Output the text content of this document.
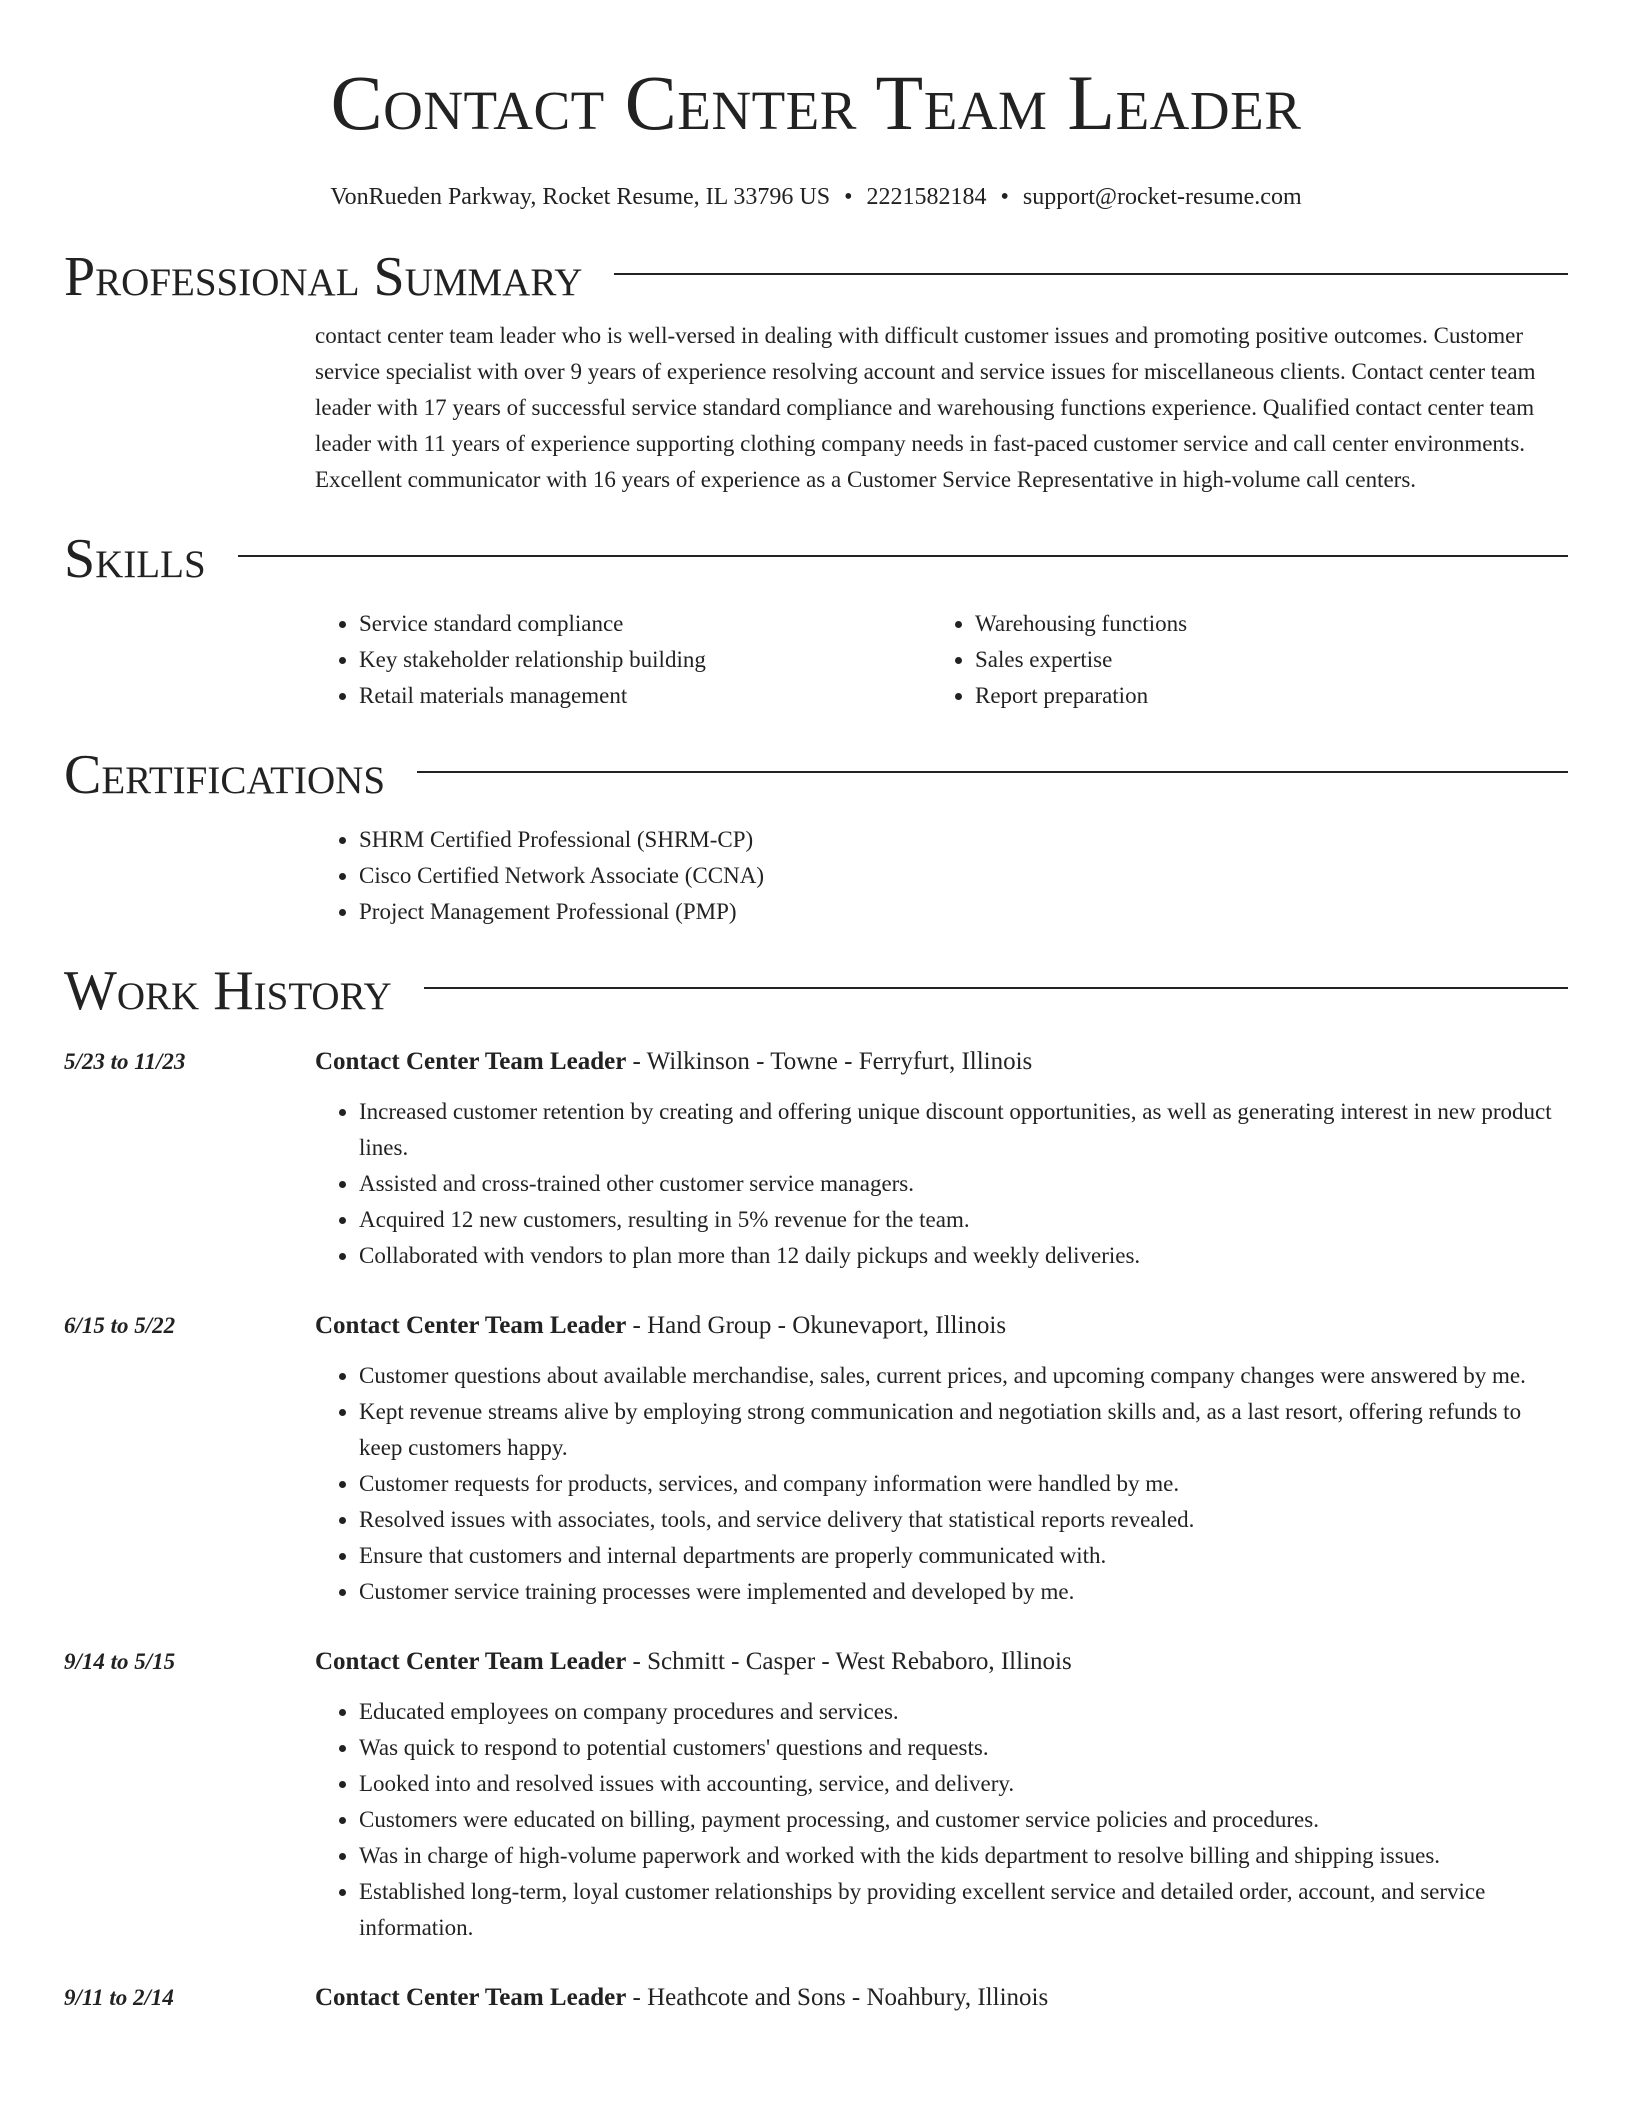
Contact Center Team Leader
VonRueden Parkway, Rocket Resume, IL 33796 US • 2221582184 • support@rocket-resume.com
Professional Summary

contact center team leader who is well-versed in dealing with difficult customer issues and promoting positive outcomes. Customer service specialist with over 9 years of experience resolving account and service issues for miscellaneous clients. Contact center team leader with 17 years of successful service standard compliance and warehousing functions experience. Qualified contact center team leader with 11 years of experience supporting clothing company needs in fast-paced customer service and call center environments. Excellent communicator with 16 years of experience as a Customer Service Representative in high-volume call centers.

Skills
• Service standard compliance
• Key stakeholder relationship building
• Retail materials management
• Warehousing functions
• Sales expertise
• Report preparation
Certifications
• SHRM Certified Professional (SHRM-CP)
• Cisco Certified Network Associate (CCNA)
• Project Management Professional (PMP)
Work History
5/23 to 11/23	Contact Center Team Leader - Wilkinson - Towne - Ferryfurt, Illinois
• Increased customer retention by creating and offering unique discount opportunities, as well as generating interest in new product lines.
• Assisted and cross-trained other customer service managers.
• Acquired 12 new customers, resulting in 5% revenue for the team.
• Collaborated with vendors to plan more than 12 daily pickups and weekly deliveries.
6/15 to 5/22	Contact Center Team Leader - Hand Group - Okunevaport, Illinois
• Customer questions about available merchandise, sales, current prices, and upcoming company changes were answered by me.
• Kept revenue streams alive by employing strong communication and negotiation skills and, as a last resort, offering refunds to keep customers happy.
• Customer requests for products, services, and company information were handled by me.
• Resolved issues with associates, tools, and service delivery that statistical reports revealed.
• Ensure that customers and internal departments are properly communicated with.
• Customer service training processes were implemented and developed by me.
9/14 to 5/15	Contact Center Team Leader - Schmitt - Casper - West Rebaboro, Illinois
• Educated employees on company procedures and services.
• Was quick to respond to potential customers' questions and requests.
• Looked into and resolved issues with accounting, service, and delivery.
• Customers were educated on billing, payment processing, and customer service policies and procedures.
• Was in charge of high-volume paperwork and worked with the kids department to resolve billing and shipping issues.
• Established long-term, loyal customer relationships by providing excellent service and detailed order, account, and service information.
9/11 to 2/14	Contact Center Team Leader - Heathcote and Sons - Noahbury, Illinois
